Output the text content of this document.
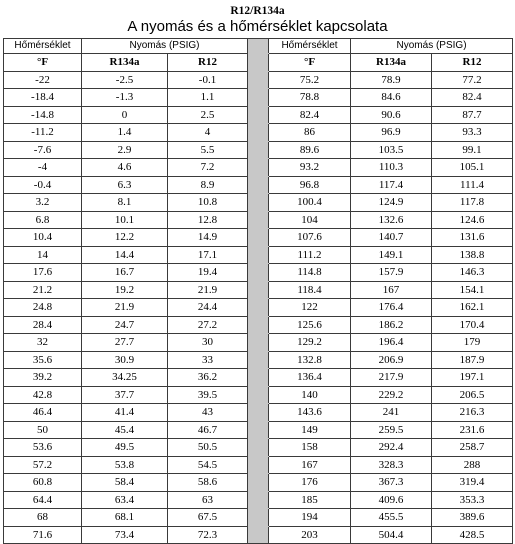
R12/R134a
A nyomás és a hőmérséklet kapcsolata
Hőmérséklet	Nyomás (PSIG)			Hőmérséklet	Nyomás (PSIG)	
°F	R134a	R12		°F	R134a	R12
-22	-2.5	-0.1		75.2	78.9	77.2
-18.4	-1.3	1.1		78.8	84.6	82.4
-14.8	0	2.5		82.4	90.6	87.7
-11.2	1.4	4		86	96.9	93.3
-7.6	2.9	5.5		89.6	103.5	99.1
-4	4.6	7.2		93.2	110.3	105.1
-0.4	6.3	8.9		96.8	117.4	111.4
3.2	8.1	10.8		100.4	124.9	117.8
6.8	10.1	12.8		104	132.6	124.6
10.4	12.2	14.9		107.6	140.7	131.6
14	14.4	17.1		111.2	149.1	138.8
17.6	16.7	19.4		114.8	157.9	146.3
21.2	19.2	21.9		118.4	167	154.1
24.8	21.9	24.4		122	176.4	162.1
28.4	24.7	27.2		125.6	186.2	170.4
32	27.7	30		129.2	196.4	179
35.6	30.9	33		132.8	206.9	187.9
39.2	34.25	36.2		136.4	217.9	197.1
42.8	37.7	39.5		140	229.2	206.5
46.4	41.4	43		143.6	241	216.3
50	45.4	46.7		149	259.5	231.6
53.6	49.5	50.5		158	292.4	258.7
57.2	53.8	54.5		167	328.3	288
60.8	58.4	58.6		176	367.3	319.4
64.4	63.4	63		185	409.6	353.3
68	68.1	67.5		194	455.5	389.6
71.6	73.4	72.3		203	504.4	428.5
